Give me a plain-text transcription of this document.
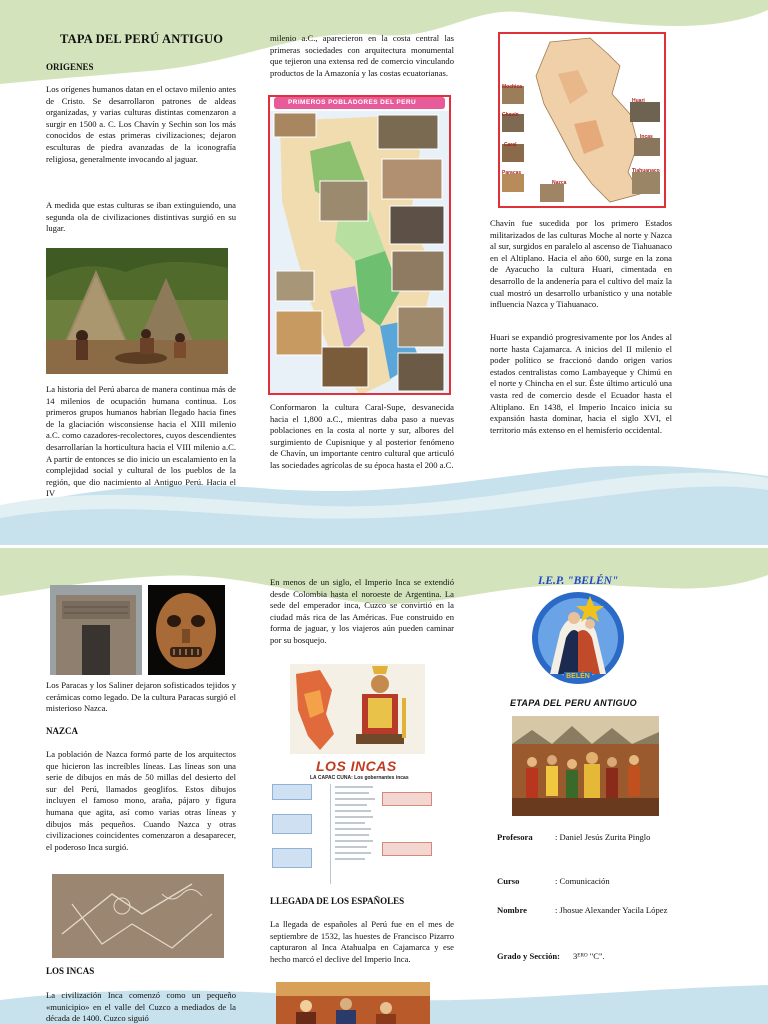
TAPA DEL PERÚ ANTIGUO
ORIGENES
Los orígenes humanos datan en el octavo milenio antes de Cristo. Se desarrollaron patrones de aldeas organizadas, y varias culturas distintas comenzaron a surgir en 1500 a. C. Los Chavín y Sechin son los más conocidos de estas primeras civilizaciones; dejaron esculturas de piedra avanzadas de la iconografía religiosa, generalmente invocando al jaguar.
A medida que estas culturas se iban extinguiendo, una segunda ola de civilizaciones distintivas surgió en su lugar.
La historia del Perú abarca de manera continua más de 14 milenios de ocupación humana continua. Los primeros grupos humanos habrían llegado hacia fines de la glaciación wisconsiense hacia el XIII milenio a.C. como cazadores-recolectores, cuyos descendientes desarrollarían la horticultura hacia el VIII milenio a.C. A partir de entonces se dio inicio un escalamiento en la complejidad social y cultural de los pueblos de la región, que dio nacimiento al Antiguo Perú. Hacia el IV
milenio a.C., aparecieron en la costa central las primeras sociedades con arquitectura monumental que tejieron una extensa red de comercio vinculando productos de la Amazonía y las costas ecuatorianas.
PRIMEROS POBLADORES DEL PERU
Conformaron la cultura Caral-Supe, desvanecida hacia el 1,800 a.C., mientras daba paso a nuevas poblaciones en la costa al norte y sur, albores del surgimiento de Cupisnique y al posterior fenómeno de Chavín, un importante centro cultural que articuló las sociedades agrícolas de su época hasta el 200 a.C.
Mochica
Chavín
Caral
Paracas
Nazca
Huari
Incas
Tiahuanaco
Chavín fue sucedida por los primero Estados militarizados de las culturas Moche al norte y Nazca al sur, surgidos en paralelo al ascenso de Tiahuanaco en el Altiplano. Hacia el año 600, surge en la zona de Ayacucho la cultura Huari, cimentada en desarrollo de la andenería para el cultivo del maíz la cual mostró un desarrollo urbanístico y una notable influencia Nazca y Tiahuanaco.
Huari se expandió progresivamente por los Andes al norte hasta Cajamarca. A inicios del II milenio el poder político se fraccionó dando origen varios estados centralistas como Lambayeque y Chimú en el norte y Chincha en el sur. Éste último articuló una vasta red de comercio desde el Ecuador hasta el Altiplano. En 1438, el Imperio Incaico inicia su expansión hasta dominar, hacia el siglo XVI, el territorio más extenso en el hemisferio occidental.
Los Paracas y los Saliner dejaron sofisticados tejidos y cerámicas como legado. De la cultura Paracas surgió el misterioso Nazca.
NAZCA
La población de Nazca formó parte de los arquitectos que hicieron las increíbles líneas. Las líneas son una serie de dibujos en más de 50 millas del desierto del sur del Perú, llamados geoglifos. Estos dibujos incluyen el famoso mono, araña, pájaro y figura humana que agita, así como varias otras líneas y dibujos más pequeños. Cuando Nazca y otras civilizaciones coincidentes comenzaron a desaparecer, el poderoso Inca surgió.
LOS INCAS
La civilización Inca comenzó como un pequeño «municipio» en el valle del Cuzco a mediados de la década de 1400. Cuzco siguió
En menos de un siglo, el Imperio Inca se extendió desde Colombia hasta el noroeste de Argentina. La sede del emperador inca, Cuzco se convirtió en la ciudad más rica de las Américas. Fue construido en forma de jaguar, y los viajeros aún pueden caminar por su bosquejo.
LOS INCAS
LA CAPAC CUNA: Los gobernantes incas
LLEGADA DE LOS ESPAÑOLES
La llegada de españoles al Perú fue en el mes de septiembre de 1532, las huestes de Francisco Pizarro capturaron al Inca Atahualpa en Cajamarca y ese hecho marcó el declive del Imperio Inca.
I.E.P. "BELÉN"
BELÉN
ETAPA DEL PERU ANTIGUO
Profesora	: Daniel Jesús Zurita Pinglo
Curso	: Comunicación
Nombre	: Jhosue Alexander Yacila López
Grado y Sección: 3ᴱᴿᴼ "C".
